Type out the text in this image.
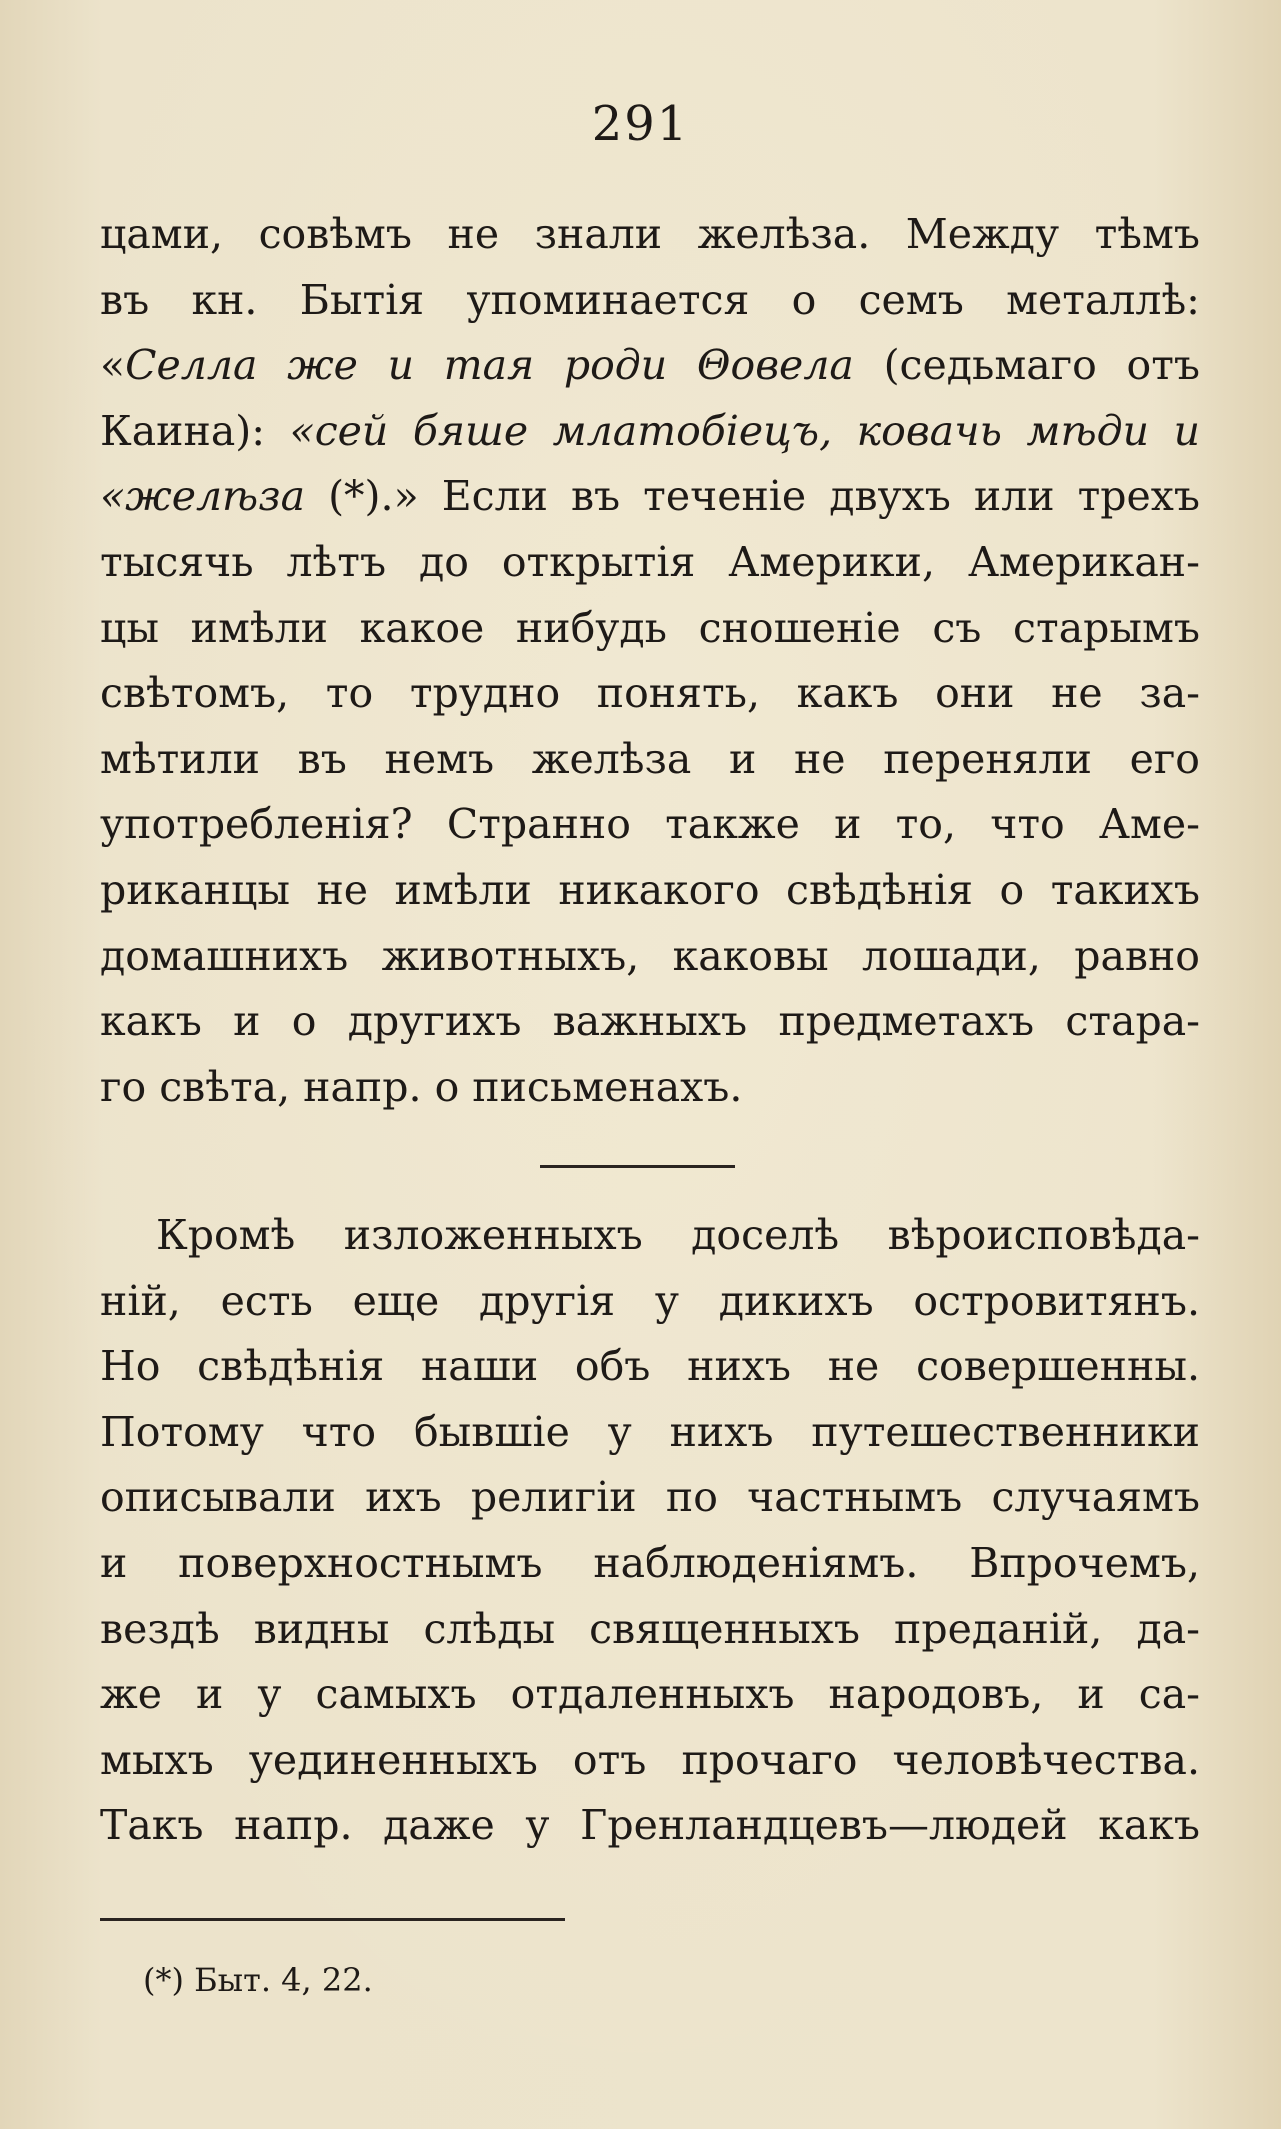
291
цами, совѣмъ не знали желѣза. Между тѣмъ
въ кн. Бытія упоминается о семъ металлѣ:
«Селла же и тая роди Θовела (седьмаго отъ
Каина): «сей бяше млатобіецъ, ковачь мѣди и
«желѣза (*).» Если въ теченіе двухъ или трехъ
тысячь лѣтъ до открытія Америки, Американ-
цы имѣли какое нибудь сношеніе съ старымъ
свѣтомъ, то трудно понять, какъ они не за-
мѣтили въ немъ желѣза и не переняли его
употребленія? Странно также и то, что Аме-
риканцы не имѣли никакого свѣдѣнія о такихъ
домашнихъ животныхъ, каковы лошади, равно
какъ и о другихъ важныхъ предметахъ стара-
го свѣта, напр. о письменахъ.
Кромѣ изложенныхъ доселѣ вѣроисповѣда-
ній, есть еще другія у дикихъ островитянъ.
Но свѣдѣнія наши объ нихъ не совершенны.
Потому что бывшіе у нихъ путешественники
описывали ихъ религіи по частнымъ случаямъ
и поверхностнымъ наблюденіямъ. Впрочемъ,
вездѣ видны слѣды священныхъ преданій, да-
же и у самыхъ отдаленныхъ народовъ, и са-
мыхъ уединенныхъ отъ прочаго человѣчества.
Такъ напр. даже у Гренландцевъ—людей какъ
(*) Быт. 4, 22.
